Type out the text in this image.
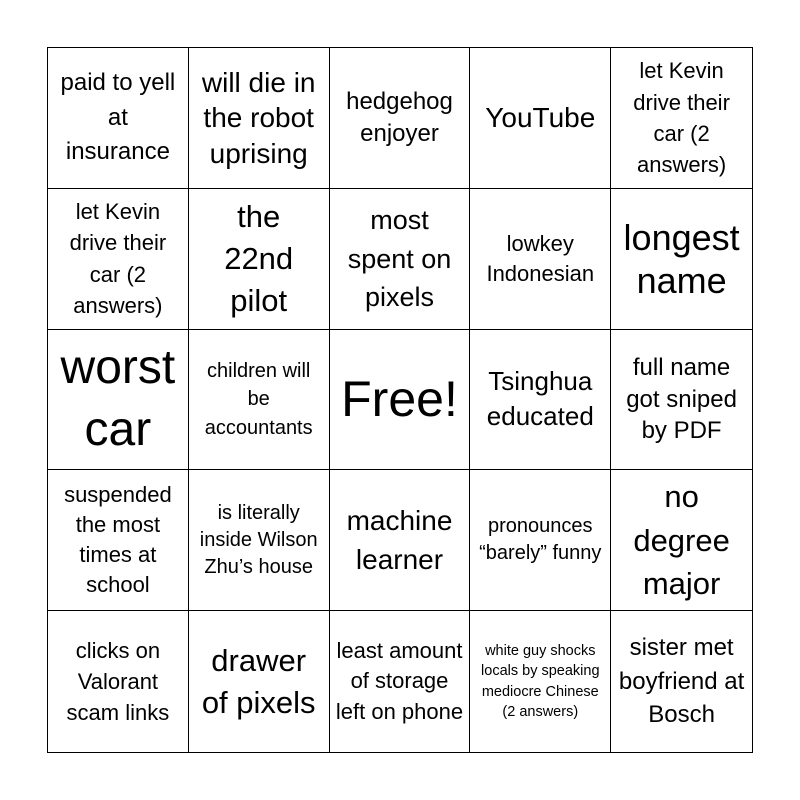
paid to yell at insurance
will die in the robot uprising
hedgehog enjoyer
YouTube
let Kevin drive their car (2 answers)
let Kevin drive their car (2 answers)
the 22nd pilot
most spent on pixels
lowkey Indonesian
longest name
worst car
children will be accountants
Free!	Tsinghua educated
full name got sniped by PDF
suspended the most times at school
is literally inside Wilson Zhu’s house
machine learner
pronounces “barely” funny
no degree major
clicks on Valorant scam links
drawer of pixels
least amount of storage left on phone
white guy shocks locals by speaking mediocre Chinese (2 answers)
sister met boyfriend at Bosch
